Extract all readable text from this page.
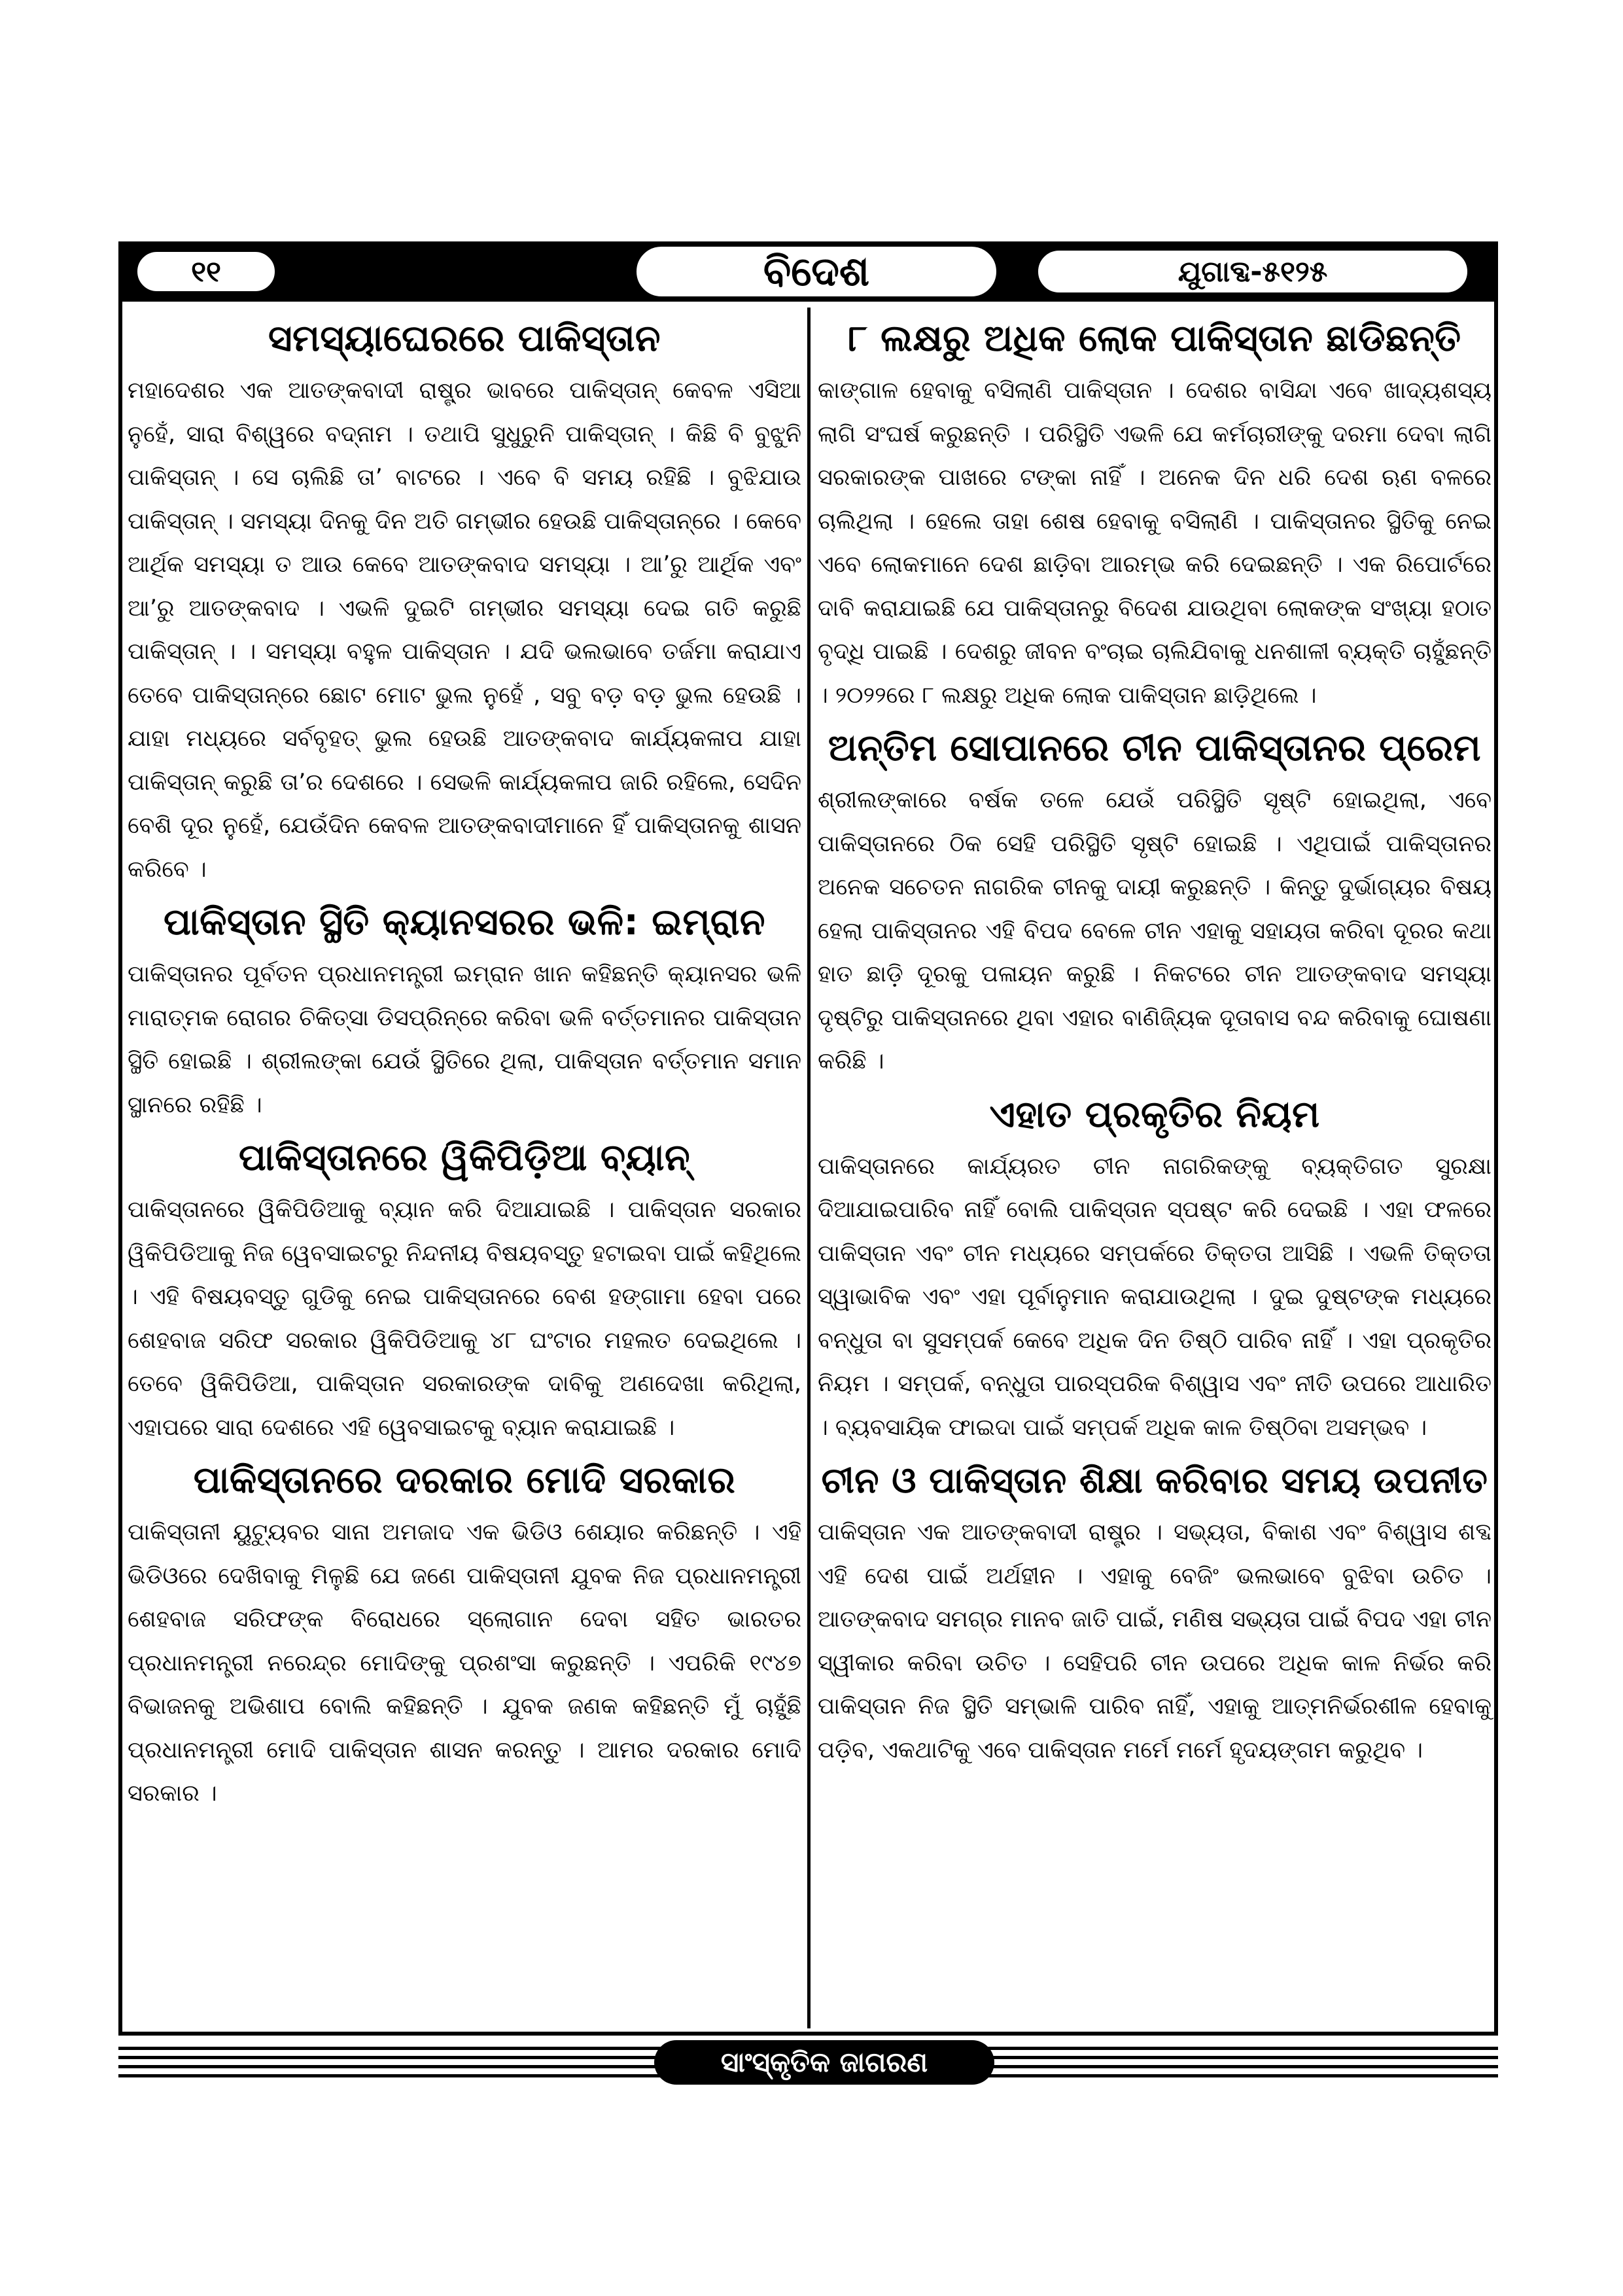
୧୧	ବିଦେଶ	ଯୁଗାବ୍ଦ-୫୧୨୫
ସମସ୍ୟାଘେରରେ ପାକିସ୍ତାନ

ମହାଦେଶର ଏକ ଆତଙ୍କବାଦୀ ରାଷ୍ଟ୍ର ଭାବରେ ପାକିସ୍ତାନ୍ କେବଳ ଏସିଆ ନୁହେଁ, ସାରା ବିଶ୍ୱରେ ବଦ୍‌ନାମ । ତଥାପି ସୁଧୁରୁନି ପାକିସ୍ତାନ୍ । କିଛି ବି ବୁଝୁନି ପାକିସ୍ତାନ୍ । ସେ ଚାଲିଛି ତା’ ବାଟରେ । ଏବେ ବି ସମୟ ରହିଛି । ବୁଝିଯାଉ ପାକିସ୍ତାନ୍ । ସମସ୍ୟା ଦିନକୁ ଦିନ ଅତି ଗମ୍ଭୀର ହେଉଛି ପାକିସ୍ତାନ୍‌ରେ । କେବେ ଆର୍ଥିକ ସମସ୍ୟା ତ ଆଉ କେବେ ଆତଙ୍କବାଦ ସମସ୍ୟା । ଆ’ରୁ ଆର୍ଥିକ ଏବଂ ଆ’ରୁ ଆତଙ୍କବାଦ । ଏଭଳି ଦୁଇଟି ଗମ୍ଭୀର ସମସ୍ୟା ଦେଇ ଗତି କରୁଛି ପାକିସ୍ତାନ୍ । । ସମସ୍ୟା ବହୁଳ ପାକିସ୍ତାନ । ଯଦି ଭଲଭାବେ ତର୍ଜମା କରାଯାଏ ତେବେ ପାକିସ୍ତାନ୍‌ରେ ଛୋଟ ମୋଟ ଭୁଲ ନୁହେଁ , ସବୁ ବଡ଼ ବଡ଼ ଭୁଲ ହେଉଛି । ଯାହା ମଧ୍ୟରେ ସର୍ବବୃହତ୍ ଭୁଲ ହେଉଛି ଆତଙ୍କବାଦ କାର୍ଯ୍ୟକଳାପ ଯାହା ପାକିସ୍ତାନ୍ କରୁଛି ତା’ର ଦେଶରେ । ସେଭଳି କାର୍ଯ୍ୟକଳାପ ଜାରି ରହିଲେ, ସେଦିନ ବେଶି ଦୂର ନୁହେଁ, ଯେଉଁଦିନ କେବଳ ଆତଙ୍କବାଦୀମାନେ ହିଁ ପାକିସ୍ତାନକୁ ଶାସନ କରିବେ ।

ପାକିସ୍ତାନ ସ୍ଥିତି କ୍ୟାନସରର ଭଳି: ଇମ୍ରାନ

ପାକିସ୍ତାନର ପୂର୍ବତନ ପ୍ରଧାନମନ୍ତ୍ରୀ ଇମ୍ରାନ ଖାନ କହିଛନ୍ତି କ୍ୟାନସର ଭଳି ମାରାତ୍ମକ ରୋଗର ଚିକିତ୍ସା ଡିସପ୍ରିନ୍‌ରେ କରିବା ଭଳି ବର୍ତ୍ତମାନର ପାକିସ୍ତାନ ସ୍ଥିତି ହୋଇଛି । ଶ୍ରୀଲଙ୍କା ଯେଉଁ ସ୍ଥିତିରେ ଥିଲା, ପାକିସ୍ତାନ ବର୍ତ୍ତମାନ ସମାନ ସ୍ଥାନରେ ରହିଛି ।

ପାକିସ୍ତାନରେ ୱିକିପିଡ଼ିଆ ବ୍ୟାନ୍

ପାକିସ୍ତାନରେ ୱିକିପିଡିଆକୁ ବ୍ୟାନ କରି ଦିଆଯାଇଛି । ପାକିସ୍ତାନ ସରକାର ୱିକିପିଡିଆକୁ ନିଜ ୱେବସାଇଟରୁ ନିନ୍ଦନୀୟ ବିଷୟବସ୍ତୁ ହଟାଇବା ପାଇଁ କହିଥିଲେ । ଏହି ବିଷୟବସ୍ତୁ ଗୁଡିକୁ ନେଇ ପାକିସ୍ତାନରେ ବେଶ ହଙ୍ଗାମା ହେବା ପରେ ଶେହବାଜ ସରିଫ ସରକାର ୱିକିପିଡିଆକୁ ୪୮ ଘଂଟାର ମହଲତ ଦେଇଥିଲେ । ତେବେ ୱିକିପିଡିଆ, ପାକିସ୍ତାନ ସରକାରଙ୍କ ଦାବିକୁ ଅଣଦେଖା କରିଥିଲା, ଏହାପରେ ସାରା ଦେଶରେ ଏହି ୱେବସାଇଟକୁ ବ୍ୟାନ କରାଯାଇଛି ।

ପାକିସ୍ତାନରେ ଦରକାର ମୋଦି ସରକାର

ପାକିସ୍ତାନୀ ୟୁଟ୍ୟୁବର ସାନା ଅମଜାଦ ଏକ ଭିଡିଓ ଶେୟାର କରିଛନ୍ତି । ଏହି ଭିଡିଓରେ ଦେଖିବାକୁ ମିଳୁଛି ଯେ ଜଣେ ପାକିସ୍ତାନୀ ଯୁବକ ନିଜ ପ୍ରଧାନମନ୍ତ୍ରୀ ଶେହବାଜ ସରିଫଙ୍କ ବିରୋଧରେ ସ୍ଲୋଗାନ ଦେବା ସହିତ ଭାରତର ପ୍ରଧାନମନ୍ତ୍ରୀ ନରେନ୍ଦ୍ର ମୋଦିଙ୍କୁ ପ୍ରଶଂସା କରୁଛନ୍ତି । ଏପରିକି ୧୯୪୭ ବିଭାଜନକୁ ଅଭିଶାପ ବୋଲି କହିଛନ୍ତି । ଯୁବକ ଜଣକ କହିଛନ୍ତି ମୁଁ ଚାହୁଁଛି ପ୍ରଧାନମନ୍ତ୍ରୀ ମୋଦି ପାକିସ୍ତାନ ଶାସନ କରନ୍ତୁ । ଆମର ଦରକାର ମୋଦି ସରକାର ।

୮ ଲକ୍ଷରୁ ଅଧିକ ଲୋକ ପାକିସ୍ତାନ ଛାଡିଛନ୍ତି

କାଙ୍ଗାଳ ହେବାକୁ ବସିଲାଣି ପାକିସ୍ତାନ । ଦେଶର ବାସିନ୍ଦା ଏବେ ଖାଦ୍ୟଶସ୍ୟ ଲାଗି ସଂଘର୍ଷ କରୁଛନ୍ତି । ପରିସ୍ଥିତି ଏଭଳି ଯେ କର୍ମଚାରୀଙ୍କୁ ଦରମା ଦେବା ଲାଗି ସରକାରଙ୍କ ପାଖରେ ଟଙ୍କା ନାହିଁ । ଅନେକ ଦିନ ଧରି ଦେଶ ଋଣ ବଳରେ ଚାଲିଥିଲା । ହେଲେ ତାହା ଶେଷ ହେବାକୁ ବସିଲାଣି । ପାକିସ୍ତାନର ସ୍ଥିତିକୁ ନେଇ ଏବେ ଲୋକମାନେ ଦେଶ ଛାଡ଼ିବା ଆରମ୍ଭ କରି ଦେଇଛନ୍ତି । ଏକ ରିପୋର୍ଟରେ ଦାବି କରାଯାଇଛି ଯେ ପାକିସ୍ତାନରୁ ବିଦେଶ ଯାଉଥିବା ଲୋକଙ୍କ ସଂଖ୍ୟା ହଠାତ ବୃଦ୍ଧି ପାଇଛି । ଦେଶରୁ ଜୀବନ ବଂଚାଇ ଚାଲିଯିବାକୁ ଧନଶାଳୀ ବ୍ୟକ୍ତି ଚାହୁଁଛନ୍ତି । ୨୦୨୨ରେ ୮ ଲକ୍ଷରୁ ଅଧିକ ଲୋକ ପାକିସ୍ତାନ ଛାଡ଼ିଥିଲେ ।

ଅନ୍ତିମ ସୋପାନରେ ଚୀନ ପାକିସ୍ତାନର ପ୍ରେମ

ଶ୍ରୀଲଙ୍କାରେ ବର୍ଷକ ତଳେ ଯେଉଁ ପରିସ୍ଥିତି ସୃଷ୍ଟି ହୋଇଥିଲା, ଏବେ ପାକିସ୍ତାନରେ ଠିକ ସେହି ପରିସ୍ଥିତି ସୃଷ୍ଟି ହୋଇଛି । ଏଥିପାଇଁ ପାକିସ୍ତାନର ଅନେକ ସଚେତନ ନାଗରିକ ଚୀନକୁ ଦାୟୀ କରୁଛନ୍ତି । କିନ୍ତୁ ଦୁର୍ଭାଗ୍ୟର ବିଷୟ ହେଲା ପାକିସ୍ତାନର ଏହି ବିପଦ ବେଳେ ଚୀନ ଏହାକୁ ସହାୟତା କରିବା ଦୂରର କଥା ହାତ ଛାଡ଼ି ଦୂରକୁ ପଳାୟନ କରୁଛି । ନିକଟରେ ଚୀନ ଆତଙ୍କବାଦ ସମସ୍ୟା ଦୃଷ୍ଟିରୁ ପାକିସ୍ତାନରେ ଥିବା ଏହାର ବାଣିଜ୍ୟିକ ଦୂତାବାସ ବନ୍ଦ କରିବାକୁ ଘୋଷଣା କରିଛି ।

ଏହାତ ପ୍ରକୃତିର ନିୟମ

ପାକିସ୍ତାନରେ କାର୍ଯ୍ୟରତ ଚୀନ ନାଗରିକଙ୍କୁ ବ୍ୟକ୍ତିଗତ ସୁରକ୍ଷା ଦିଆଯାଇପାରିବ ନାହିଁ ବୋଲି ପାକିସ୍ତାନ ସ୍ପଷ୍ଟ କରି ଦେଇଛି । ଏହା ଫଳରେ ପାକିସ୍ତାନ ଏବଂ ଚୀନ ମଧ୍ୟରେ ସମ୍ପର୍କରେ ତିକ୍ତତା ଆସିଛି । ଏଭଳି ତିକ୍ତତା ସ୍ୱାଭାବିକ ଏବଂ ଏହା ପୂର୍ବାନୁମାନ କରାଯାଉଥିଲା । ଦୁଇ ଦୁଷ୍ଟଙ୍କ ମଧ୍ୟରେ ବନ୍ଧୁତା ବା ସୁସମ୍ପର୍କ କେବେ ଅଧିକ ଦିନ ତିଷ୍ଠି ପାରିବ ନାହିଁ । ଏହା ପ୍ରକୃତିର ନିୟମ । ସମ୍ପର୍କ, ବନ୍ଧୁତା ପାରସ୍ପରିକ ବିଶ୍ୱାସ ଏବଂ ନୀତି ଉପରେ ଆଧାରିତ । ବ୍ୟବସାୟିକ ଫାଇଦା ପାଇଁ ସମ୍ପର୍କ ଅଧିକ କାଳ ତିଷ୍ଠିବା ଅସମ୍ଭବ ।

ଚୀନ ଓ ପାକିସ୍ତାନ ଶିକ୍ଷା କରିବାର ସମୟ ଉପନୀତ

ପାକିସ୍ତାନ ଏକ ଆତଙ୍କବାଦୀ ରାଷ୍ଟ୍ର । ସଭ୍ୟତା, ବିକାଶ ଏବଂ ବିଶ୍ୱାସ ଶବ୍ଦ ଏହି ଦେଶ ପାଇଁ ଅର୍ଥହୀନ । ଏହାକୁ ବେଜିଂ ଭଲଭାବେ ବୁଝିବା ଉଚିତ । ଆତଙ୍କବାଦ ସମଗ୍ର ମାନବ ଜାତି ପାଇଁ, ମଣିଷ ସଭ୍ୟତା ପାଇଁ ବିପଦ ଏହା ଚୀନ ସ୍ୱୀକାର କରିବା ଉଚିତ । ସେହିପରି ଚୀନ ଉପରେ ଅଧିକ କାଳ ନିର୍ଭର କରି ପାକିସ୍ତାନ ନିଜ ସ୍ଥିତି ସମ୍ଭାଳି ପାରିବ ନାହିଁ, ଏହାକୁ ଆତ୍ମନିର୍ଭରଶୀଳ ହେବାକୁ ପଡ଼ିବ, ଏକଥାଟିକୁ ଏବେ ପାକିସ୍ତାନ ମର୍ମେ ମର୍ମେ ହୃଦୟଙ୍ଗମ କରୁଥିବ ।

ସାଂସ୍କୃତିକ ଜାଗରଣ
